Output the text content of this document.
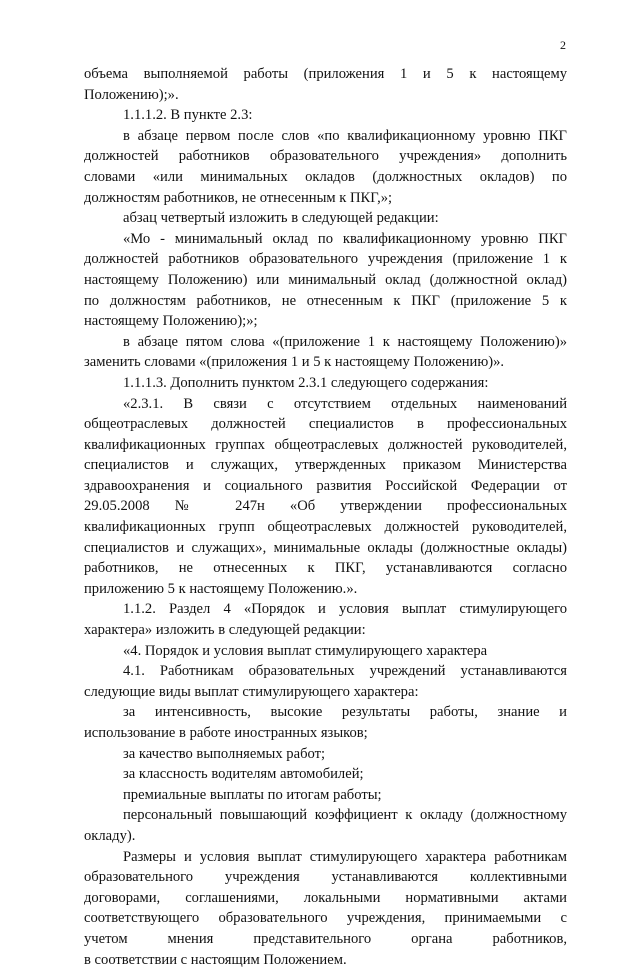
2
объема выполняемой работы (приложения 1 и 5 к настоящему
Положению);».
1.1.1.2. В пункте 2.3:
в абзаце первом после слов «по квалификационному уровню ПКГ
должностей работников образовательного учреждения» дополнить
словами «или минимальных окладов (должностных окладов) по
должностям работников, не отнесенным к ПКГ,»;
абзац четвертый изложить в следующей редакции:
«Мо - минимальный оклад по квалификационному уровню ПКГ
должностей работников образовательного учреждения (приложение 1 к
настоящему Положению) или минимальный оклад (должностной оклад)
по должностям работников, не отнесенным к ПКГ (приложение 5 к
настоящему Положению);»;
в абзаце пятом слова «(приложение 1 к настоящему Положению)»
заменить словами «(приложения 1 и 5 к настоящему Положению)».
1.1.1.3. Дополнить пунктом 2.3.1 следующего содержания:
«2.3.1. В связи с отсутствием отдельных наименований
общеотраслевых должностей специалистов в профессиональных
квалификационных группах общеотраслевых должностей руководителей,
специалистов и служащих, утвержденных приказом Министерства
здравоохранения и социального развития Российской Федерации от
29.05.2008 № 247н «Об утверждении профессиональных
квалификационных групп общеотраслевых должностей руководителей,
специалистов и служащих», минимальные оклады (должностные оклады)
работников, не отнесенных к ПКГ, устанавливаются согласно
приложению 5 к настоящему Положению.».
1.1.2. Раздел 4 «Порядок и условия выплат стимулирующего
характера» изложить в следующей редакции:
«4. Порядок и условия выплат стимулирующего характера
4.1. Работникам образовательных учреждений устанавливаются
следующие виды выплат стимулирующего характера:
за интенсивность, высокие результаты работы, знание и
использование в работе иностранных языков;
за качество выполняемых работ;
за классность водителям автомобилей;
премиальные выплаты по итогам работы;
персональный повышающий коэффициент к окладу (должностному
окладу).
Размеры и условия выплат стимулирующего характера работникам
образовательного учреждения устанавливаются коллективными
договорами, соглашениями, локальными нормативными актами
соответствующего образовательного учреждения, принимаемыми с
учетом мнения представительного органа работников,
в соответствии с настоящим Положением.
